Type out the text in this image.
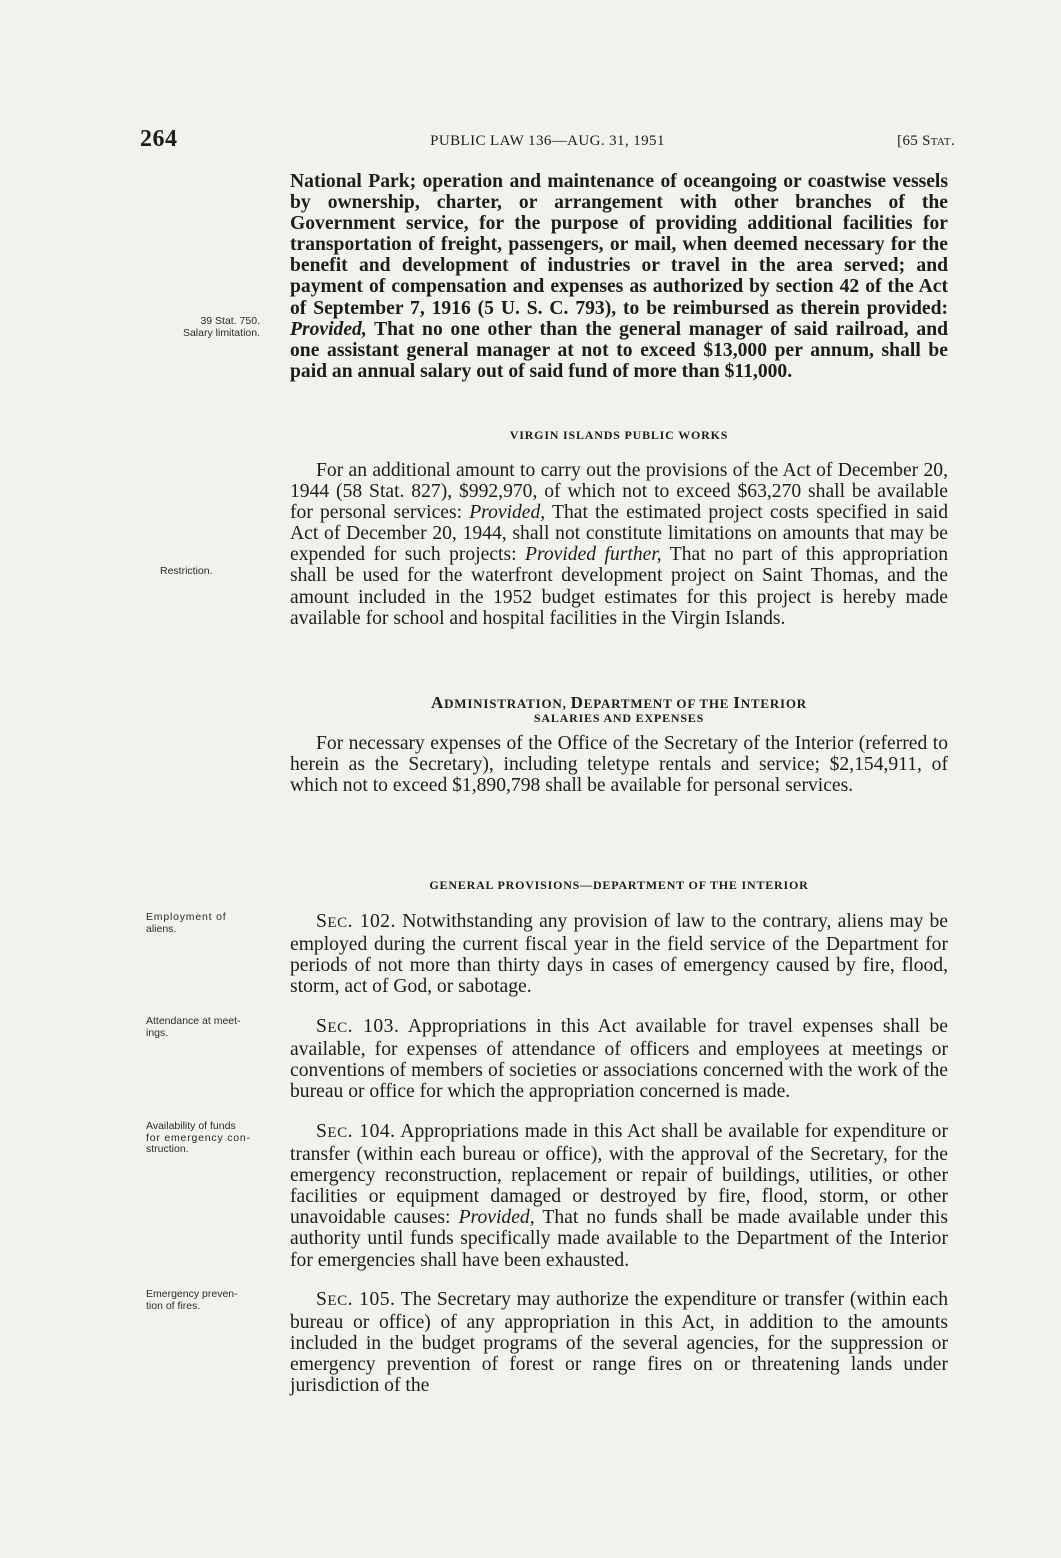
264	PUBLIC LAW 136—AUG. 31, 1951	[65 STAT.

National Park; operation and maintenance of oceangoing or coastwise vessels by ownership, charter, or arrangement with other branches of the Government service, for the purpose of providing additional facilities for transportation of freight, passengers, or mail, when deemed necessary for the benefit and development of industries or travel in the area served; and payment of compensation and expenses as authorized by section 42 of the Act of September 7, 1916 (5 U. S. C. 793), to be reimbursed as therein provided: Provided, That no one other than the general manager of said railroad, and one assistant general manager at not to exceed $13,000 per annum, shall be paid an annual salary out of said fund of more than $11,000.

39 Stat. 750.
Salary limitation.
VIRGIN ISLANDS PUBLIC WORKS

For an additional amount to carry out the provisions of the Act of December 20, 1944 (58 Stat. 827), $992,970, of which not to exceed $63,270 shall be available for personal services: Provided, That the estimated project costs specified in said Act of December 20, 1944, shall not constitute limitations on amounts that may be expended for such projects: Provided further, That no part of this appropriation shall be used for the waterfront development project on Saint Thomas, and the amount included in the 1952 budget estimates for this project is hereby made available for school and hospital facilities in the Virgin Islands.

Restriction.
ADMINISTRATION, DEPARTMENT OF THE INTERIOR
SALARIES AND EXPENSES

For necessary expenses of the Office of the Secretary of the Interior (referred to herein as the Secretary), including teletype rentals and service; $2,154,911, of which not to exceed $1,890,798 shall be available for personal services.

GENERAL PROVISIONS—DEPARTMENT OF THE INTERIOR

SEC. 102. Notwithstanding any provision of law to the contrary, aliens may be employed during the current fiscal year in the field service of the Department for periods of not more than thirty days in cases of emergency caused by fire, flood, storm, act of God, or sabotage.

Employment of
aliens.

SEC. 103. Appropriations in this Act available for travel expenses shall be available, for expenses of attendance of officers and employees at meetings or conventions of members of societies or associations concerned with the work of the bureau or office for which the appropriation concerned is made.

Attendance at meet-
ings.

SEC. 104. Appropriations made in this Act shall be available for expenditure or transfer (within each bureau or office), with the approval of the Secretary, for the emergency reconstruction, replacement or repair of buildings, utilities, or other facilities or equipment damaged or destroyed by fire, flood, storm, or other unavoidable causes: Provided, That no funds shall be made available under this authority until funds specifically made available to the Department of the Interior for emergencies shall have been exhausted.

Availability of funds
for emergency con-
struction.

SEC. 105. The Secretary may authorize the expenditure or transfer (within each bureau or office) of any appropriation in this Act, in addition to the amounts included in the budget programs of the several agencies, for the suppression or emergency prevention of forest or range fires on or threatening lands under jurisdiction of the

Emergency preven-
tion of fires.
